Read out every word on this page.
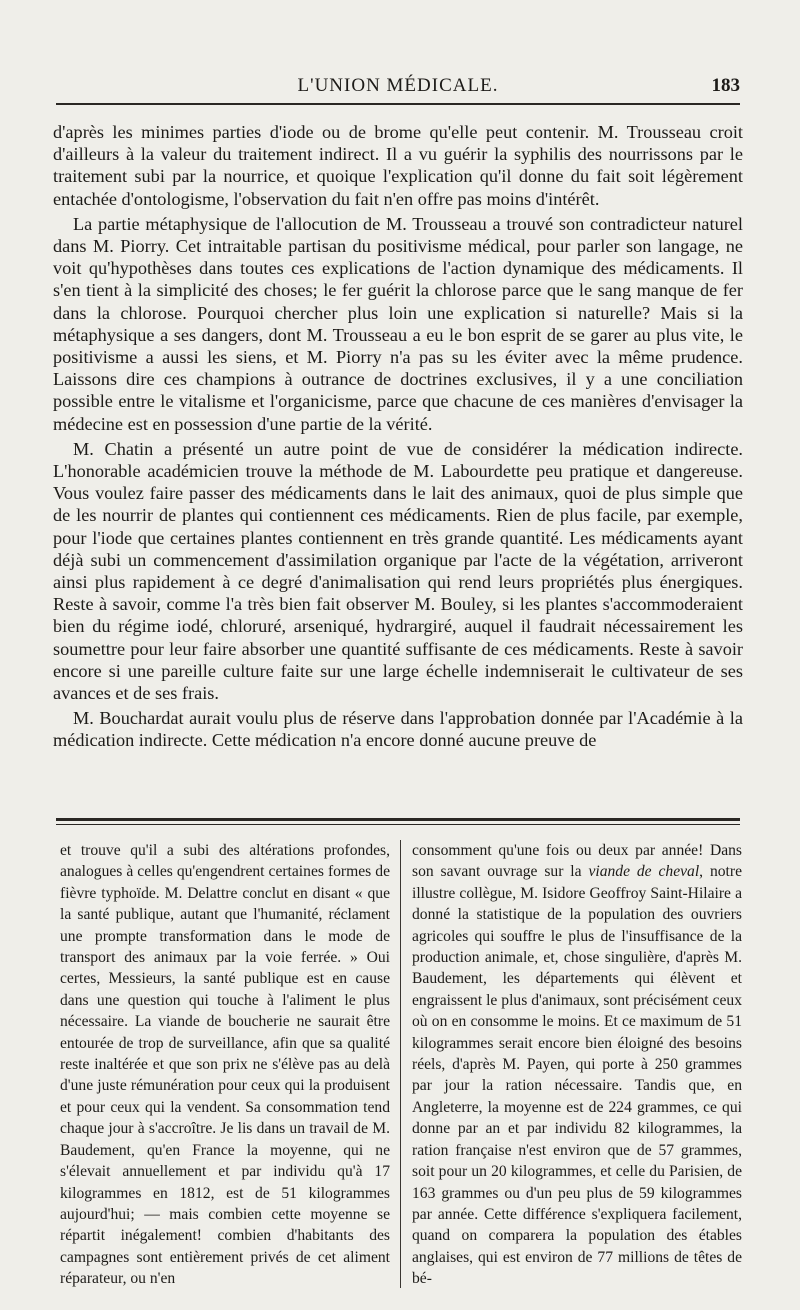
L'UNION MÉDICALE.	183

d'après les minimes parties d'iode ou de brome qu'elle peut contenir. M. Trousseau croit d'ailleurs à la valeur du traitement indirect. Il a vu guérir la syphilis des nourrissons par le traitement subi par la nourrice, et quoique l'explication qu'il donne du fait soit légèrement entachée d'ontologisme, l'observation du fait n'en offre pas moins d'intérêt.

La partie métaphysique de l'allocution de M. Trousseau a trouvé son contradicteur naturel dans M. Piorry. Cet intraitable partisan du positivisme médical, pour parler son langage, ne voit qu'hypothèses dans toutes ces explications de l'action dynamique des médicaments. Il s'en tient à la simplicité des choses; le fer guérit la chlorose parce que le sang manque de fer dans la chlorose. Pourquoi chercher plus loin une explication si naturelle? Mais si la métaphysique a ses dangers, dont M. Trousseau a eu le bon esprit de se garer au plus vite, le positivisme a aussi les siens, et M. Piorry n'a pas su les éviter avec la même prudence. Laissons dire ces champions à outrance de doctrines exclusives, il y a une conciliation possible entre le vitalisme et l'organicisme, parce que chacune de ces manières d'envisager la médecine est en possession d'une partie de la vérité.

M. Chatin a présenté un autre point de vue de considérer la médication indirecte. L'honorable académicien trouve la méthode de M. Labourdette peu pratique et dangereuse. Vous voulez faire passer des médicaments dans le lait des animaux, quoi de plus simple que de les nourrir de plantes qui contiennent ces médicaments. Rien de plus facile, par exemple, pour l'iode que certaines plantes contiennent en très grande quantité. Les médicaments ayant déjà subi un commencement d'assimilation organique par l'acte de la végétation, arriveront ainsi plus rapidement à ce degré d'animalisation qui rend leurs propriétés plus énergiques. Reste à savoir, comme l'a très bien fait observer M. Bouley, si les plantes s'accommoderaient bien du régime iodé, chloruré, arseniqué, hydrargiré, auquel il faudrait nécessairement les soumettre pour leur faire absorber une quantité suffisante de ces médicaments. Reste à savoir encore si une pareille culture faite sur une large échelle indemniserait le cultivateur de ses avances et de ses frais.

M. Bouchardat aurait voulu plus de réserve dans l'approbation donnée par l'Académie à la médication indirecte. Cette médication n'a encore donné aucune preuve de

et trouve qu'il a subi des altérations profondes, analogues à celles qu'engendrent certaines formes de fièvre typhoïde. M. Delattre conclut en disant « que la santé publique, autant que l'humanité, réclament une prompte transformation dans le mode de transport des animaux par la voie ferrée. » Oui certes, Messieurs, la santé publique est en cause dans une question qui touche à l'aliment le plus nécessaire. La viande de boucherie ne saurait être entourée de trop de surveillance, afin que sa qualité reste inaltérée et que son prix ne s'élève pas au delà d'une juste rémunération pour ceux qui la produisent et pour ceux qui la vendent. Sa consommation tend chaque jour à s'accroître. Je lis dans un travail de M. Baudement, qu'en France la moyenne, qui ne s'élevait annuellement et par individu qu'à 17 kilogrammes en 1812, est de 51 kilogrammes aujourd'hui; — mais combien cette moyenne se répartit inégalement! combien d'habitants des campagnes sont entièrement privés de cet aliment réparateur, ou n'en

consomment qu'une fois ou deux par année! Dans son savant ouvrage sur la viande de cheval, notre illustre collègue, M. Isidore Geoffroy Saint-Hilaire a donné la statistique de la population des ouvriers agricoles qui souffre le plus de l'insuffisance de la production animale, et, chose singulière, d'après M. Baudement, les départements qui élèvent et engraissent le plus d'animaux, sont précisément ceux où on en consomme le moins. Et ce maximum de 51 kilogrammes serait encore bien éloigné des besoins réels, d'après M. Payen, qui porte à 250 grammes par jour la ration nécessaire. Tandis que, en Angleterre, la moyenne est de 224 grammes, ce qui donne par an et par individu 82 kilogrammes, la ration française n'est environ que de 57 grammes, soit pour un 20 kilogrammes, et celle du Parisien, de 163 grammes ou d'un peu plus de 59 kilogrammes par année. Cette différence s'expliquera facilement, quand on comparera la population des étables anglaises, qui est environ de 77 millions de têtes de bé-
